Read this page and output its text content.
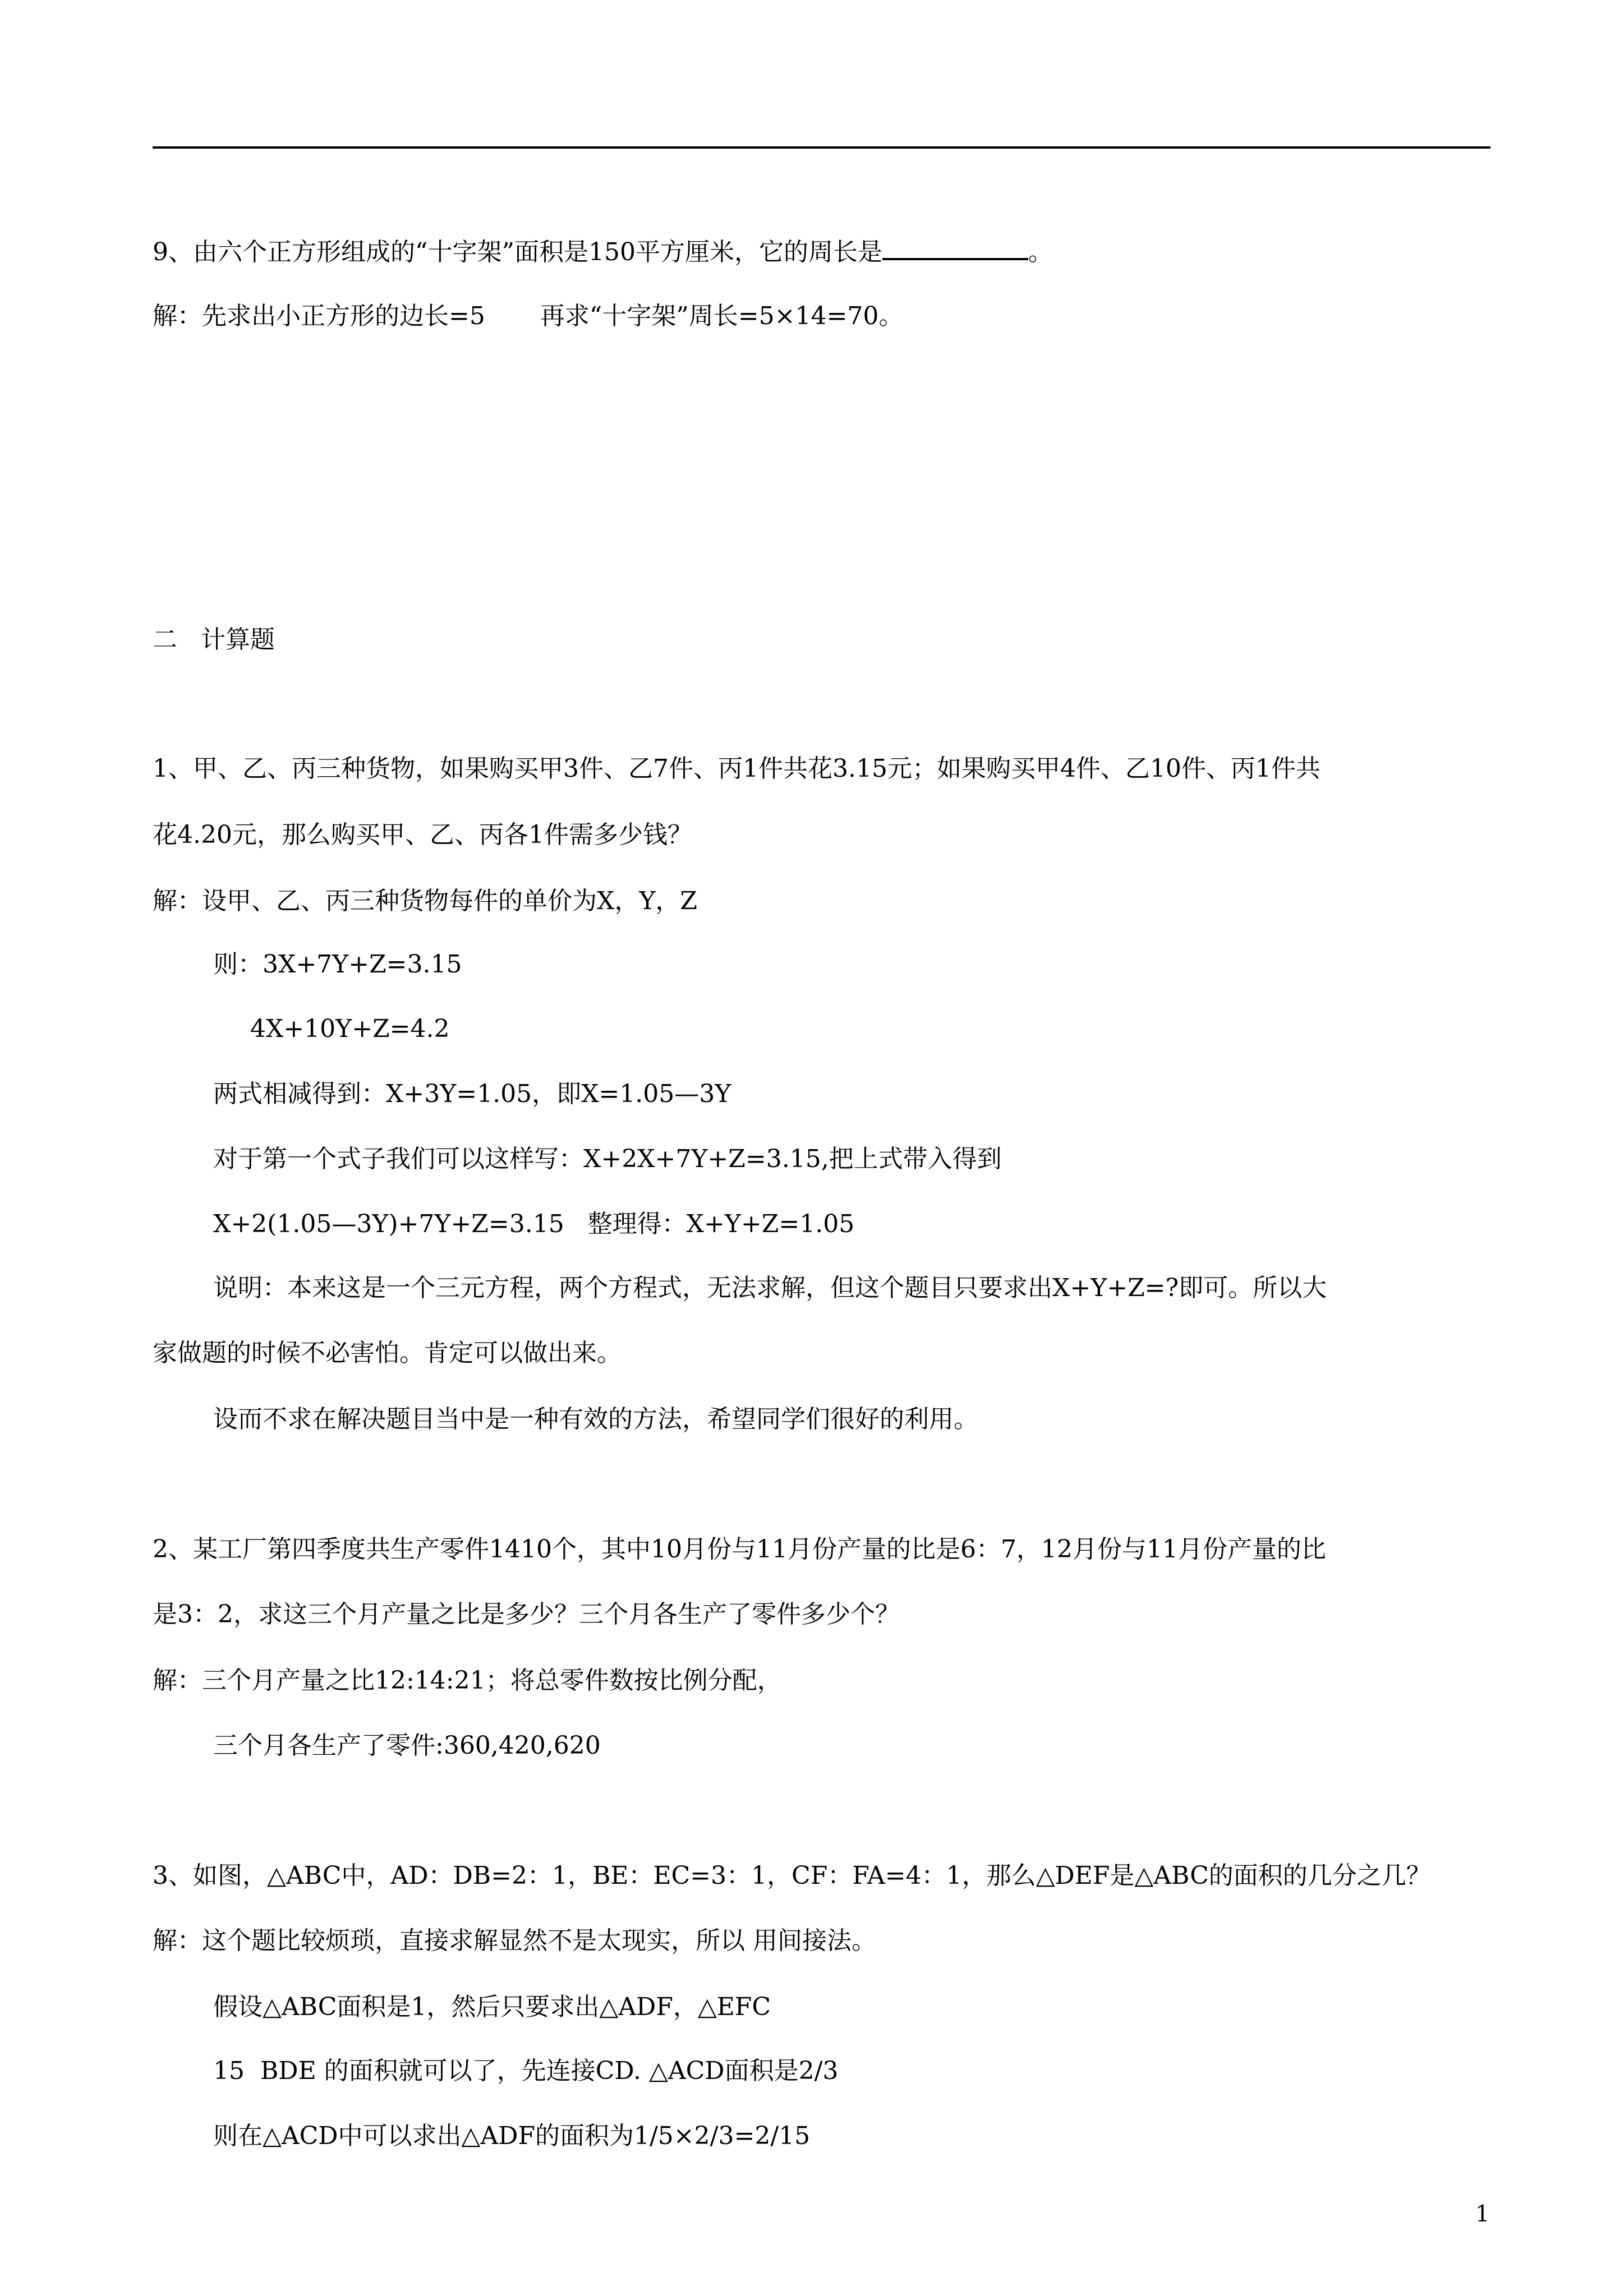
9、由六个正方形组成的“十字架”面积是150平方厘米，它的周长是	。
解：先求出小正方形的边长=5       再求“十字架”周长=5×14=70。
二   计算题
1、甲、乙、丙三种货物，如果购买甲3件、乙7件、丙1件共花3.15元；如果购买甲4件、乙10件、丙1件共
花4.20元，那么购买甲、乙、丙各1件需多少钱？
解：设甲、乙、丙三种货物每件的单价为X，Y，Z
则：3X+7Y+Z=3.15
4X+10Y+Z=4.2
两式相减得到：X+3Y=1.05，即X=1.05—3Y
对于第一个式子我们可以这样写：X+2X+7Y+Z=3.15,把上式带入得到
X+2(1.05—3Y)+7Y+Z=3.15   整理得：X+Y+Z=1.05
说明：本来这是一个三元方程，两个方程式，无法求解，但这个题目只要求出X+Y+Z=?即可。所以大
家做题的时候不必害怕。肯定可以做出来。
设而不求在解决题目当中是一种有效的方法，希望同学们很好的利用。
2、某工厂第四季度共生产零件1410个，其中10月份与11月份产量的比是6：7，12月份与11月份产量的比
是3：2，求这三个月产量之比是多少？三个月各生产了零件多少个？
解：三个月产量之比12:14:21；将总零件数按比例分配，
三个月各生产了零件:360,420,620
3、如图，△ABC中，AD：DB=2：1，BE：EC=3：1，CF：FA=4：1，那么△DEF是△ABC的面积的几分之几？
解：这个题比较烦琐，直接求解显然不是太现实，所以 用间接法。
假设△ABC面积是1，然后只要求出△ADF，△EFC
15  BDE 的面积就可以了，先连接CD. △ACD面积是2/3
则在△ACD中可以求出△ADF的面积为1/5×2/3=2/15
1
